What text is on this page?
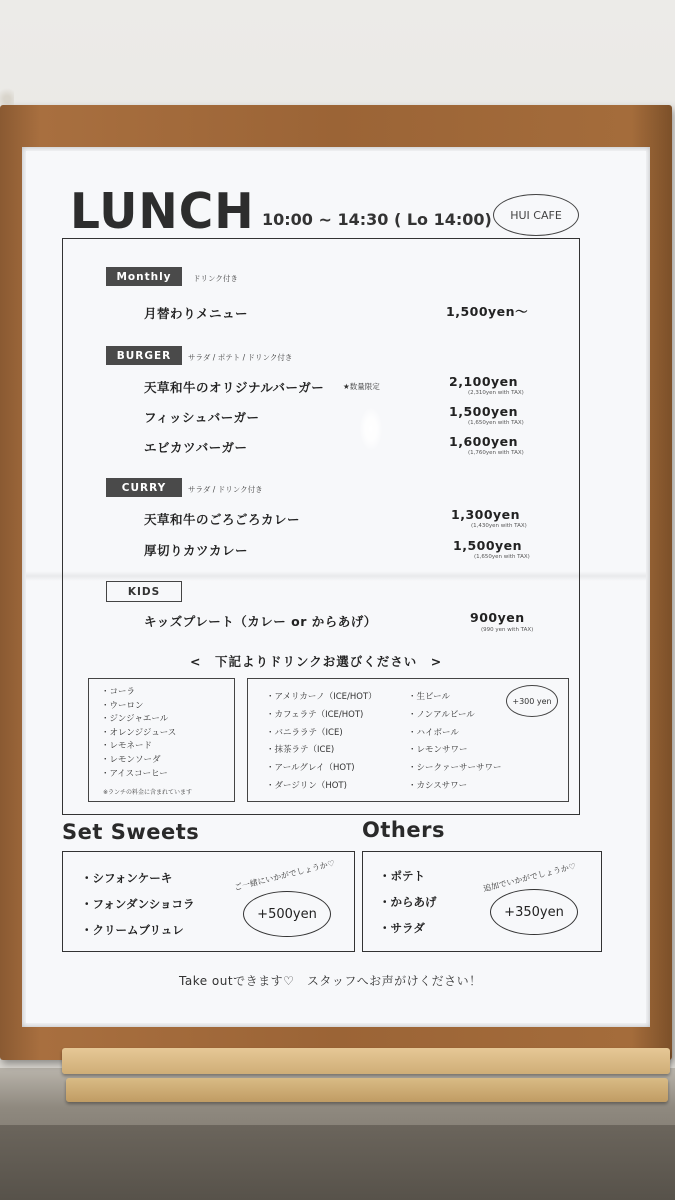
LUNCH 10:00 ~ 14:30 ( Lo 14:00)	HUI CAFE
Monthly	ドリンク付き
月替わりメニュー	1,500yen〜
BURGER	サラダ / ポテト / ドリンク付き
天草和牛のオリジナルバーガー ★数量限定	2,100yen
(2,310yen with TAX)
フィッシュバーガー	1,500yen
(1,650yen with TAX)
エビカツバーガー	1,600yen
(1,760yen with TAX)
CURRY	サラダ / ドリンク付き
天草和牛のごろごろカレー	1,300yen
(1,430yen with TAX)
厚切りカツカレー	1,500yen
(1,650yen with TAX)
KIDS
キッズプレート（カレー or からあげ）	900yen
(990 yen with TAX)
<　下記よりドリンクお選びください　>
・コーラ
・ウーロン
・ジンジャエール
・オレンジジュース
・レモネード
・レモンソーダ
・アイスコーヒー
※ランチの料金に含まれています
・アメリカーノ（ICE/HOT）
・カフェラテ（ICE/HOT)
・バニララテ（ICE)
・抹茶ラテ（ICE)
・アールグレイ（HOT)
・ダージリン（HOT)
・生ビール
・ノンアルビール
・ハイボール
・レモンサワー
・シークァーサーサワー
・カシスサワー
+300 yen
Set Sweets
・シフォンケーキ
・フォンダンショコラ
・クリームブリュレ
ご一緒にいかがでしょうか♡
+500yen
Others
・ポテト
・からあげ
・サラダ
追加でいかがでしょうか♡
+350yen
Take outできます♡　スタッフへお声がけください！
